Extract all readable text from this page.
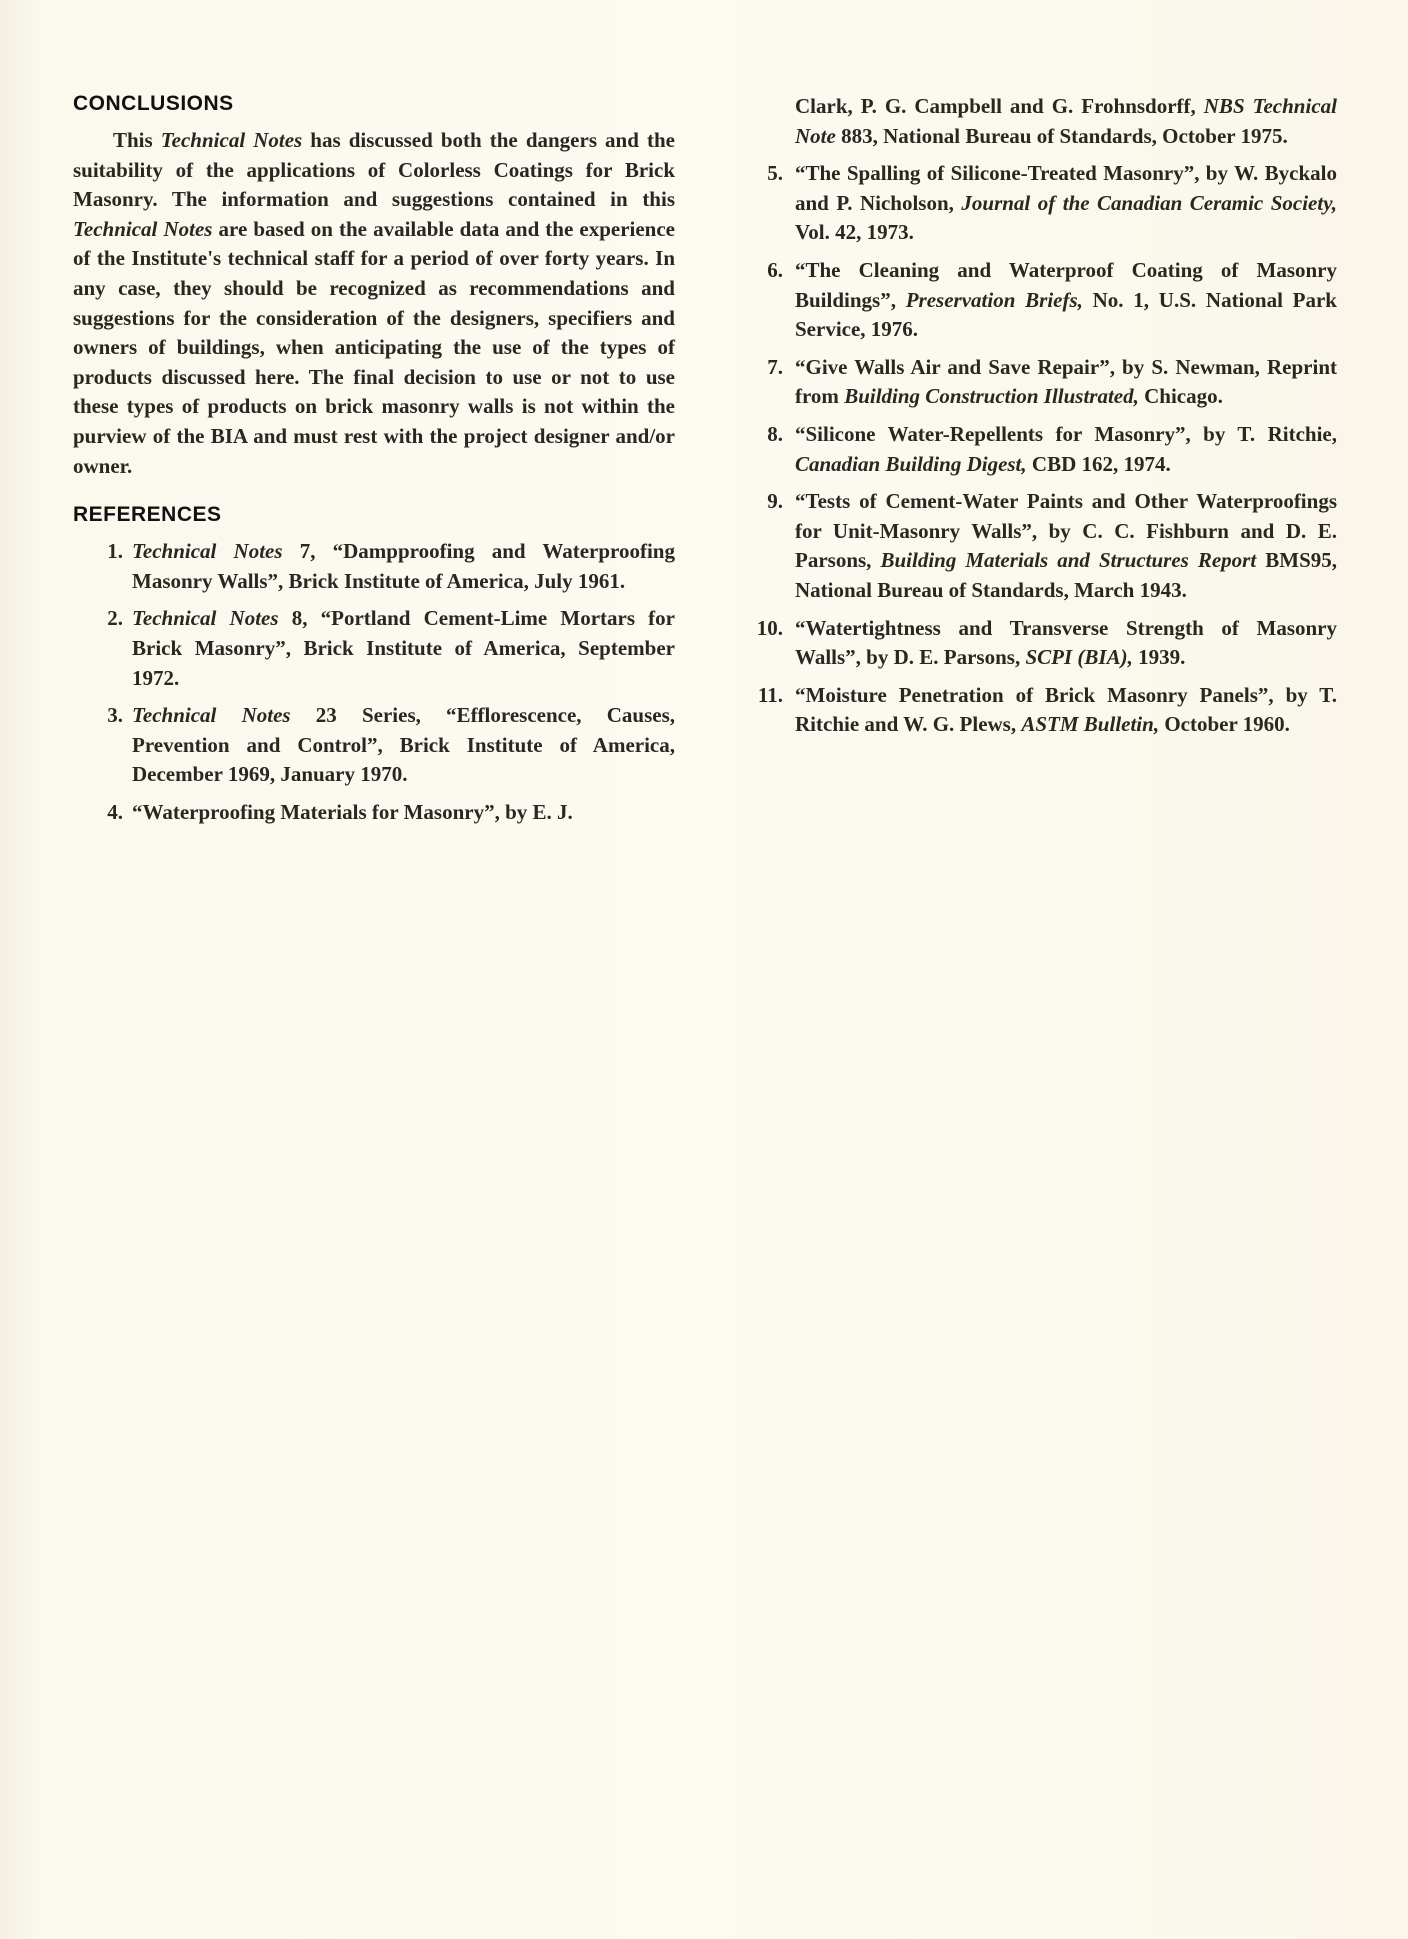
CONCLUSIONS

This Technical Notes has discussed both the dangers and the suitability of the applications of Colorless Coatings for Brick Masonry. The information and suggestions contained in this Technical Notes are based on the available data and the experience of the Institute's technical staff for a period of over forty years. In any case, they should be recognized as recommendations and suggestions for the consideration of the designers, specifiers and owners of buildings, when anticipating the use of the types of products discussed here. The final decision to use or not to use these types of products on brick masonry walls is not within the purview of the BIA and must rest with the project designer and/or owner.

REFERENCES
1. Technical Notes 7, “Dampproofing and Waterproofing Masonry Walls”, Brick Institute of America, July 1961.
2. Technical Notes 8, “Portland Cement-Lime Mortars for Brick Masonry”, Brick Institute of America, September 1972.
3. Technical Notes 23 Series, “Efflorescence, Causes, Prevention and Control”, Brick Institute of America, December 1969, January 1970.
4. “Waterproofing Materials for Masonry”, by E. J.

Clark, P. G. Campbell and G. Frohnsdorff, NBS Technical Note 883, National Bureau of Standards, October 1975.

5. “The Spalling of Silicone-Treated Masonry”, by W. Byckalo and P. Nicholson, Journal of the Canadian Ceramic Society, Vol. 42, 1973.
6. “The Cleaning and Waterproof Coating of Masonry Buildings”, Preservation Briefs, No. 1, U.S. National Park Service, 1976.
7. “Give Walls Air and Save Repair”, by S. Newman, Reprint from Building Construction Illustrated, Chicago.
8. “Silicone Water-Repellents for Masonry”, by T. Ritchie, Canadian Building Digest, CBD 162, 1974.
9. “Tests of Cement-Water Paints and Other Waterproofings for Unit-Masonry Walls”, by C. C. Fishburn and D. E. Parsons, Building Materials and Structures Report BMS95, National Bureau of Standards, March 1943.
10. “Watertightness and Transverse Strength of Masonry Walls”, by D. E. Parsons, SCPI (BIA), 1939.
11. “Moisture Penetration of Brick Masonry Panels”, by T. Ritchie and W. G. Plews, ASTM Bulletin, October 1960.
